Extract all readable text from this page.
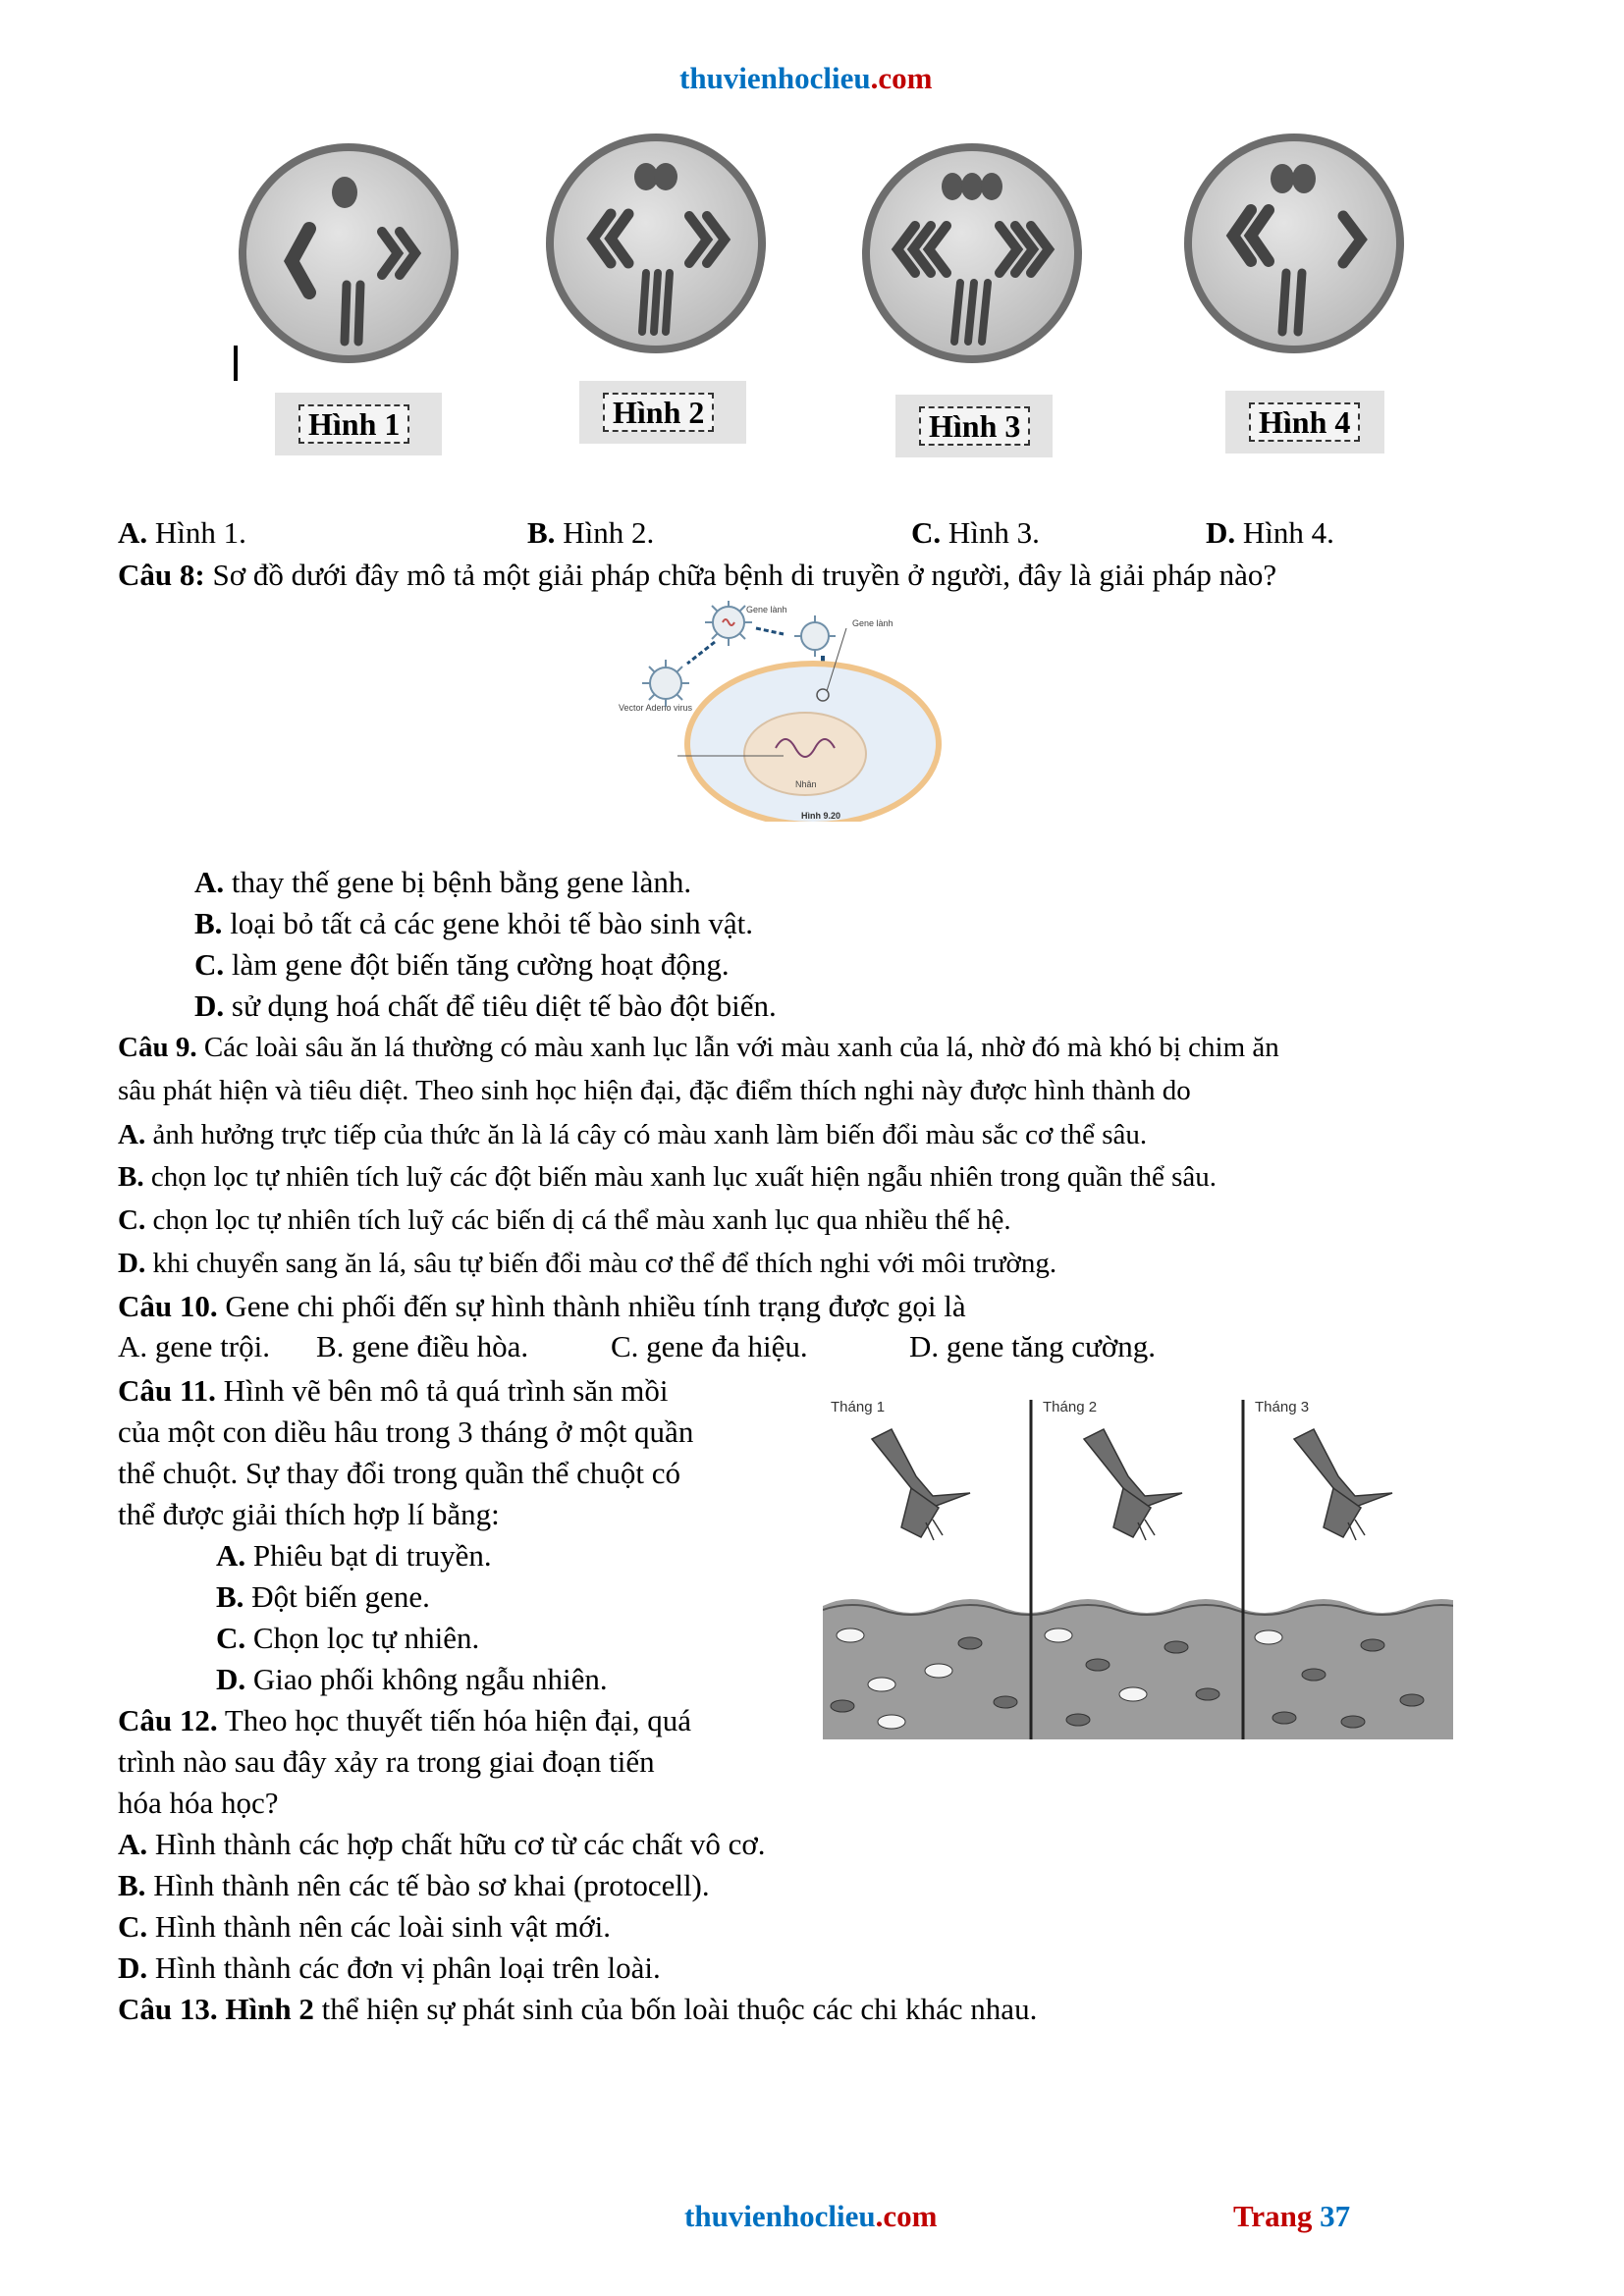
thuvienhoclieu.com
Hình 1	Hình 2	Hình 3	Hình 4
A. Hình 1.	B. Hình 2.	C. Hình 3.	D. Hình 4.
Câu 8: Sơ đồ dưới đây mô tả một giải pháp chữa bệnh di truyền ở người, đây là giải pháp nào?
Gene lành
Gene lành
Vector Adeno virus
Nhân
Hình 9.20
A. thay thế gene bị bệnh bằng gene lành.
B. loại bỏ tất cả các gene khỏi tế bào sinh vật.
C. làm gene đột biến tăng cường hoạt động.
D. sử dụng hoá chất để tiêu diệt tế bào đột biến.
Câu 9. Các loài sâu ăn lá thường có màu xanh lục lẫn với màu xanh của lá, nhờ đó mà khó bị chim ăn
sâu phát hiện và tiêu diệt. Theo sinh học hiện đại, đặc điểm thích nghi này được hình thành do
A. ảnh hưởng trực tiếp của thức ăn là lá cây có màu xanh làm biến đổi màu sắc cơ thể sâu.
B. chọn lọc tự nhiên tích luỹ các đột biến màu xanh lục xuất hiện ngẫu nhiên trong quần thể sâu.
C. chọn lọc tự nhiên tích luỹ các biến dị cá thể màu xanh lục qua nhiều thế hệ.
D. khi chuyển sang ăn lá, sâu tự biến đổi màu cơ thể để thích nghi với môi trường.
Câu 10. Gene chi phối đến sự hình thành nhiều tính trạng được gọi là
A. gene trội. B. gene điều hòa.	C. gene đa hiệu.	D. gene tăng cường.
Câu 11. Hình vẽ bên mô tả quá trình săn mồi
của một con diều hâu trong 3 tháng ở một quần
thể chuột. Sự thay đổi trong quần thể chuột có
thể được giải thích hợp lí bằng:
A. Phiêu bạt di truyền.
B. Đột biến gene.
C. Chọn lọc tự nhiên.
D. Giao phối không ngẫu nhiên.
Tháng 1	Tháng 2	Tháng 3
Câu 12. Theo học thuyết tiến hóa hiện đại, quá
trình nào sau đây xảy ra trong giai đoạn tiến
hóa hóa học?
A. Hình thành các hợp chất hữu cơ từ các chất vô cơ.
B. Hình thành nên các tế bào sơ khai (protocell).
C. Hình thành nên các loài sinh vật mới.
D. Hình thành các đơn vị phân loại trên loài.
Câu 13. Hình 2 thể hiện sự phát sinh của bốn loài thuộc các chi khác nhau.
thuvienhoclieu.com	Trang 37
